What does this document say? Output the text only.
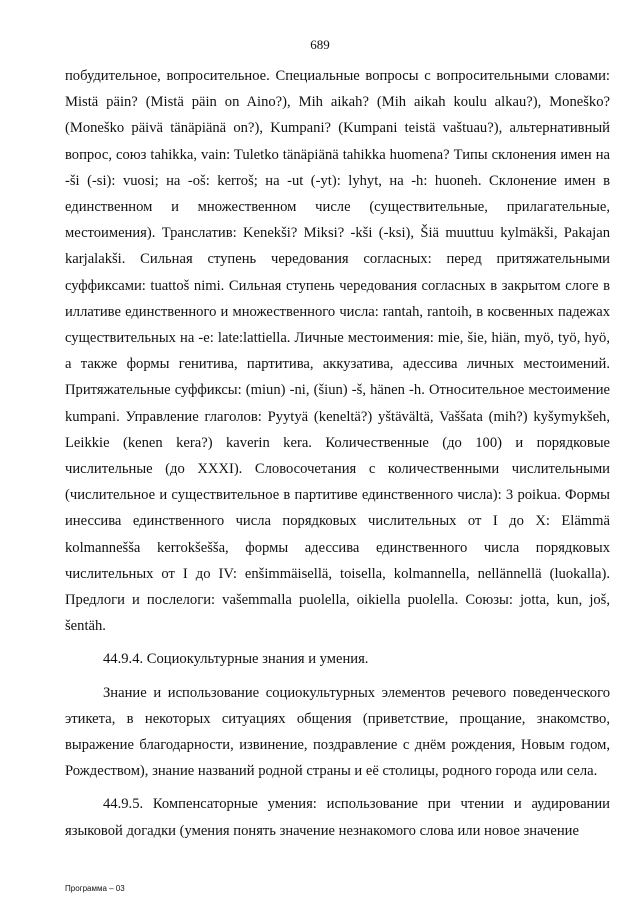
689

побудительное, вопросительное. Специальные вопросы с вопросительными словами: Mistä päin? (Mistä päin on Aino?), Mih aikah? (Mih aikah koulu alkau?), Moneško? (Moneško päivä tänäpiänä on?), Kumpani? (Kumpani teistä vaštuau?), альтернативный вопрос, союз tahikka, vain: Tuletko tänäpiänä tahikka huomena? Типы склонения имен на -ši (-si): vuosi; на -oš: kerroš; на -ut (-yt): lyhyt, на -h: huoneh. Склонение имен в единственном и множественном числе (существительные, прилагательные, местоимения). Транслатив: Kenekši? Miksi? -kši (-ksi), Šiä muuttuu kylmäkši, Pakajan karjalakši. Сильная ступень чередования согласных: перед притяжательными суффиксами: tuattoš nimi. Сильная ступень чередования согласных в закрытом слоге в иллативе единственного и множественного числа: rantah, rantoih, в косвенных падежах существительных на -e: late:lattiella. Личные местоимения: mie, šie, hiän, myö, työ, hyö, а также формы генитива, партитива, аккузатива, адессива личных местоимений. Притяжательные суффиксы: (miun) -ni, (šiun) -š, hänen -h. Относительное местоимение kumpani. Управление глаголов: Pyytyä (keneltä?) yštävältä, Vaššata (mih?) kyšymykšeh, Leikkie (kenen kera?) kaverin kera. Количественные (до 100) и порядковые числительные (до XXXI). Словосочетания с количественными числительными (числительное и существительное в партитиве единственного числа): 3 poikua. Формы инессива единственного числа порядковых числительных от I до X: Elämmä kolmannešša kerrokšešša, формы адессива единственного числа порядковых числительных от I до IV: enšimmäisellä, toisella, kolmannella, nellännellä (luokalla). Предлоги и послелоги: vašemmalla puolella, oikiella puolella. Союзы: jotta, kun, još, šentäh.

44.9.4. Социокультурные знания и умения.

Знание и использование социокультурных элементов речевого поведенческого этикета, в некоторых ситуациях общения (приветствие, прощание, знакомство, выражение благодарности, извинение, поздравление с днём рождения, Новым годом, Рождеством), знание названий родной страны и её столицы, родного города или села.

44.9.5. Компенсаторные умения: использование при чтении и аудировании языковой догадки (умения понять значение незнакомого слова или новое значение

Программа – 03
